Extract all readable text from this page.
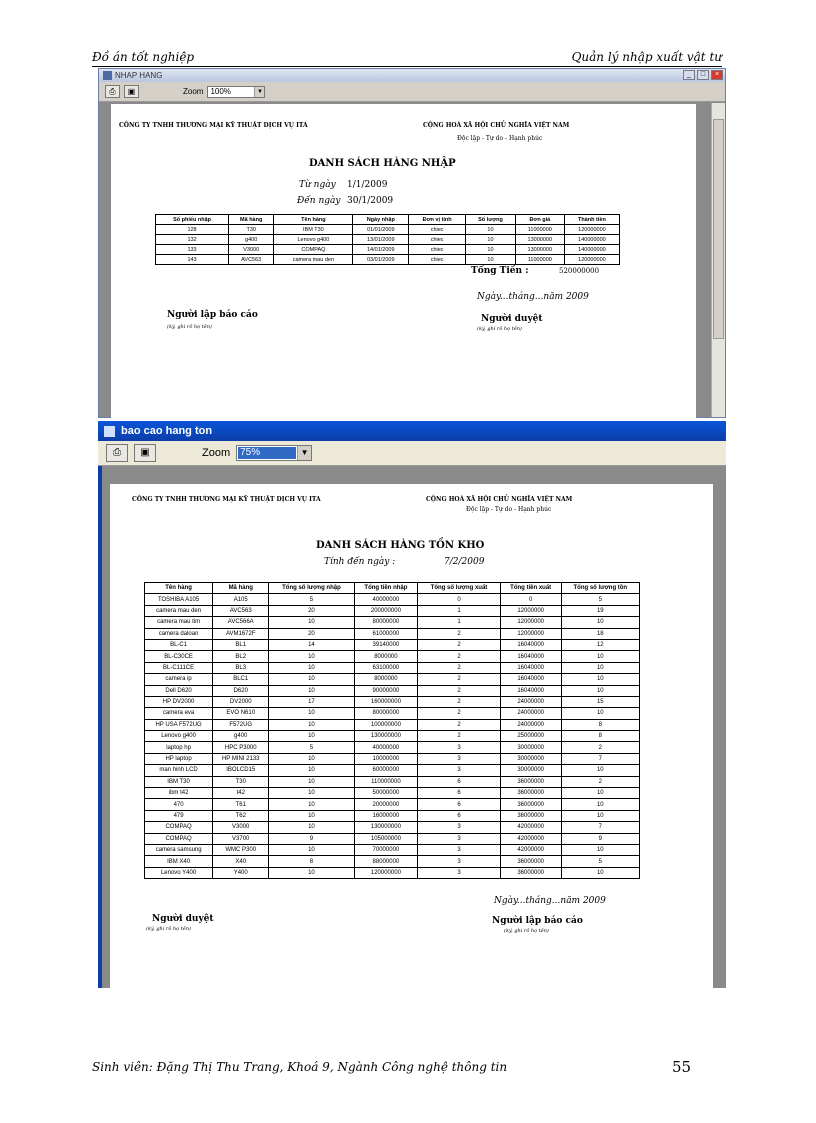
Đồ án tốt nghiệp	Quản lý nhập xuất vật tư
NHAP HANG	_	□	×
⎙	▣	Zoom 100%	▼
CÔNG TY TNHH THƯƠNG MẠI KỸ THUẬT DỊCH VỤ ITA	CỘNG HOÀ XÃ HỘI CHỦ NGHĨA VIỆT NAM
Độc lập - Tự do - Hạnh phúc
DANH SÁCH HÀNG NHẬP
Từ ngày 1/1/2009
Đến ngày 30/1/2009
Số phiếu nhập	Mã hàng	Tên hàng	Ngày nhập	Đơn vị tính	Số lượng	Đơn giá	Thành tiền
128	T30	IBM T30	01/01/2009	chiec	10	11000000	120000000
132	g400	Lenovo g400	13/01/2009	chiec	10	13000000	140000000
133	V3000	COMPAQ	14/01/2009	chiec	10	13000000	140000000
143	AVC563	camera mau den	03/01/2009	chiec	10	11000000	120000000
Tổng Tiền :	520000000
Ngày...tháng...năm 2009
Người lập báo cáo
(ký, ghi rõ họ tên)
Người duyệt
(ký, ghi rõ họ tên)
bao cao hang ton
⎙	▣	Zoom	75%	▼
CÔNG TY TNHH THƯƠNG MẠI KỸ THUẬT DỊCH VỤ ITA	CỘNG HOÀ XÃ HỘI CHỦ NGHĨA VIỆT NAM
Độc lập - Tự do - Hạnh phúc
DANH SÁCH HÀNG TỒN KHO
Tính đến ngày :	7/2/2009
Tên hàng	Mã hàng	Tổng số lượng nhập	Tổng tiền nhập	Tổng số lượng xuất	Tổng tiền xuất	Tổng số lượng tồn
TOSHIBA A105	A105	5	40000000	0	0	5
camera mau den	AVC563	20	200000000	1	12000000	19
camera mau tim	AVC566A	10	80000000	1	12000000	10
camera daloan	AVM1672F	20	61000000	2	12000000	18
BL-C1	BL1	14	39140000	2	16040000	12
BL-C30CE	BL2	10	8000000	2	16040000	10
BL-C111CE	BL3	10	63100000	2	16040000	10
camera ip	BLC1	10	8000000	2	16040000	10
Dell D620	D620	10	90000000	2	16040000	10
HP DV2000	DV2000	17	160000000	2	24000000	15
camera eva	EVO N610	10	80000000	2	24000000	10
HP USA F572UG	F572UG	10	100000000	2	24000000	8
Lenovo g400	g400	10	130000000	2	25000000	8
laptop hp	HPC P3000	5	40000000	3	30000000	2
HP laptop	HP MINI 2133	10	10000000	3	30000000	7
man hinh LCD	IBOLCD15	10	60000000	3	30000000	10
IBM T30	T30	10	110000000	6	36000000	2
ibm t42	t42	10	50000000	6	36000000	10
470	T61	10	20000000	6	36000000	10
479	T62	10	16000000	6	36000000	10
COMPAQ	V3000	10	130000000	3	42000000	7
COMPAQ	V3700	9	105000000	3	42000000	9
camera samsung	WMC P300	10	70000000	3	42000000	10
IBM X40	X40	8	88000000	3	36000000	5
Lenovo Y400	Y400	10	120000000	3	36000000	10
Ngày...tháng...năm 2009
Người duyệt
(ký, ghi rõ họ tên)
Người lập báo cáo
(ký, ghi rõ họ tên)
Sinh viên: Đặng Thị Thu Trang, Khoá 9, Ngành Công nghệ thông tin	55
